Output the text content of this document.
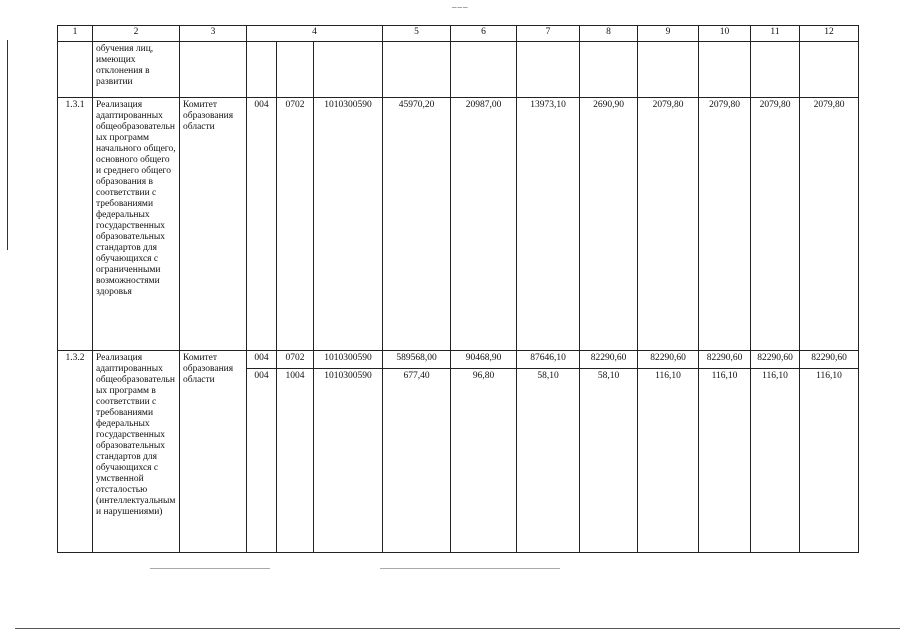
–––
1	2	3	4			5	6	7	8	9	10	11	12
	обучения лиц, имеющих отклонения в развитии												
1.3.1	Реализация адаптированных общеобразовательных программ начального общего, основного общего и среднего общего образования в соответствии с требованиями федеральных государственных образовательных стандартов для обучающихся с ограниченными возможностями здоровья	Комитет образования области	004	0702	1010300590	45970,20	20987,00	13973,10	2690,90	2079,80	2079,80	2079,80	2079,80
1.3.2	Реализация адаптированных общеобразовательных программ в соответствии с требованиями федеральных государственных образовательных стандартов для обучающихся с умственной отсталостью (интеллектуальными нарушениями)	Комитет образования области	004	0702	1010300590	589568,00	90468,90	87646,10	82290,60	82290,60	82290,60	82290,60	82290,60
			004	1004	1010300590	677,40	96,80	58,10	58,10	116,10	116,10	116,10	116,10
